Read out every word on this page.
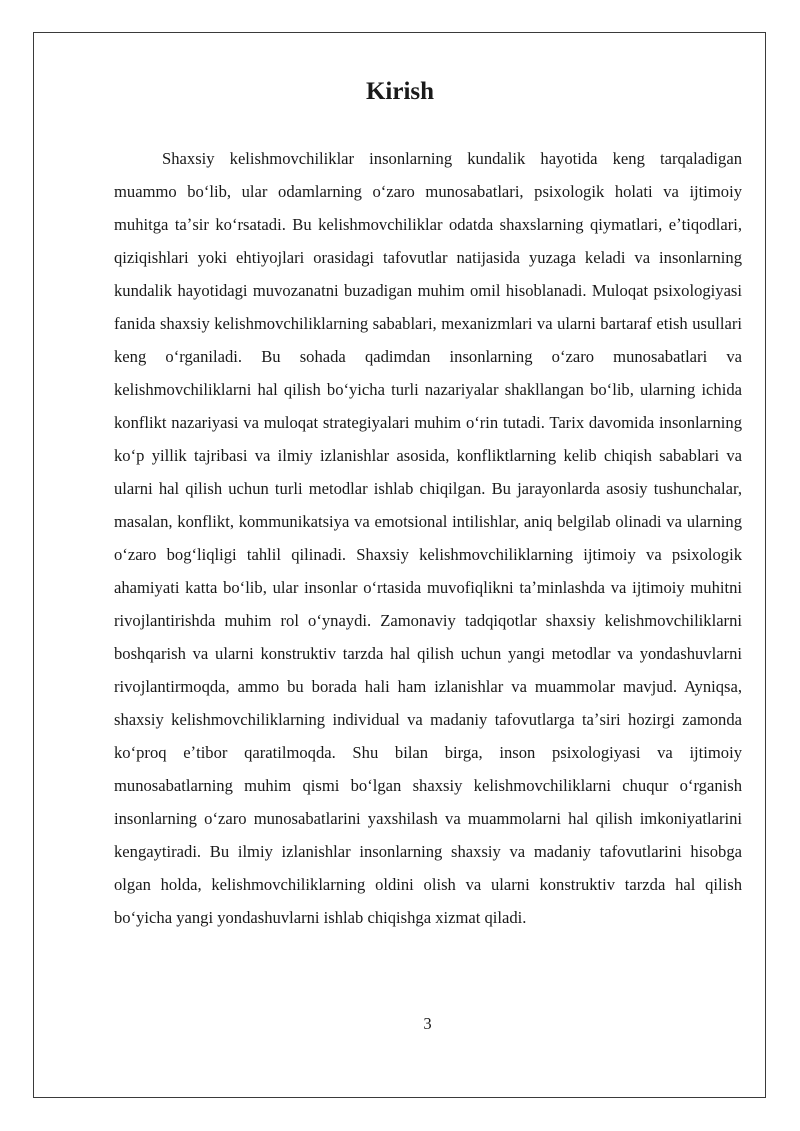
Kirish

Shaxsiy kelishmovchiliklar insonlarning kundalik hayotida keng tarqaladigan muammo boʻlib, ular odamlarning oʻzaro munosabatlari, psixologik holati va ijtimoiy muhitga taʼsir koʻrsatadi. Bu kelishmovchiliklar odatda shaxslarning qiymatlari, eʼtiqodlari, qiziqishlari yoki ehtiyojlari orasidagi tafovutlar natijasida yuzaga keladi va insonlarning kundalik hayotidagi muvozanatni buzadigan muhim omil hisoblanadi. Muloqat psixologiyasi fanida shaxsiy kelishmovchiliklarning sabablari, mexanizmlari va ularni bartaraf etish usullari keng oʻrganiladi. Bu sohada qadimdan insonlarning oʻzaro munosabatlari va kelishmovchiliklarni hal qilish boʻyicha turli nazariyalar shakllangan boʻlib, ularning ichida konflikt nazariyasi va muloqat strategiyalari muhim oʻrin tutadi. Tarix davomida insonlarning koʻp yillik tajribasi va ilmiy izlanishlar asosida, konfliktlarning kelib chiqish sabablari va ularni hal qilish uchun turli metodlar ishlab chiqilgan. Bu jarayonlarda asosiy tushunchalar, masalan, konflikt, kommunikatsiya va emotsional intilishlar, aniq belgilab olinadi va ularning oʻzaro bogʻliqligi tahlil qilinadi. Shaxsiy kelishmovchiliklarning ijtimoiy va psixologik ahamiyati katta boʻlib, ular insonlar oʻrtasida muvofiqlikni taʼminlashda va ijtimoiy muhitni rivojlantirishda muhim rol oʻynaydi. Zamonaviy tadqiqotlar shaxsiy kelishmovchiliklarni boshqarish va ularni konstruktiv tarzda hal qilish uchun yangi metodlar va yondashuvlarni rivojlantirmoqda, ammo bu borada hali ham izlanishlar va muammolar mavjud. Ayniqsa, shaxsiy kelishmovchiliklarning individual va madaniy tafovutlarga taʼsiri hozirgi zamonda koʻproq eʼtibor qaratilmoqda. Shu bilan birga, inson psixologiyasi va ijtimoiy munosabatlarning muhim qismi boʻlgan shaxsiy kelishmovchiliklarni chuqur oʻrganish insonlarning oʻzaro munosabatlarini yaxshilash va muammolarni hal qilish imkoniyatlarini kengaytiradi. Bu ilmiy izlanishlar insonlarning shaxsiy va madaniy tafovutlarini hisobga olgan holda, kelishmovchiliklarning oldini olish va ularni konstruktiv tarzda hal qilish boʻyicha yangi yondashuvlarni ishlab chiqishga xizmat qiladi.

3
